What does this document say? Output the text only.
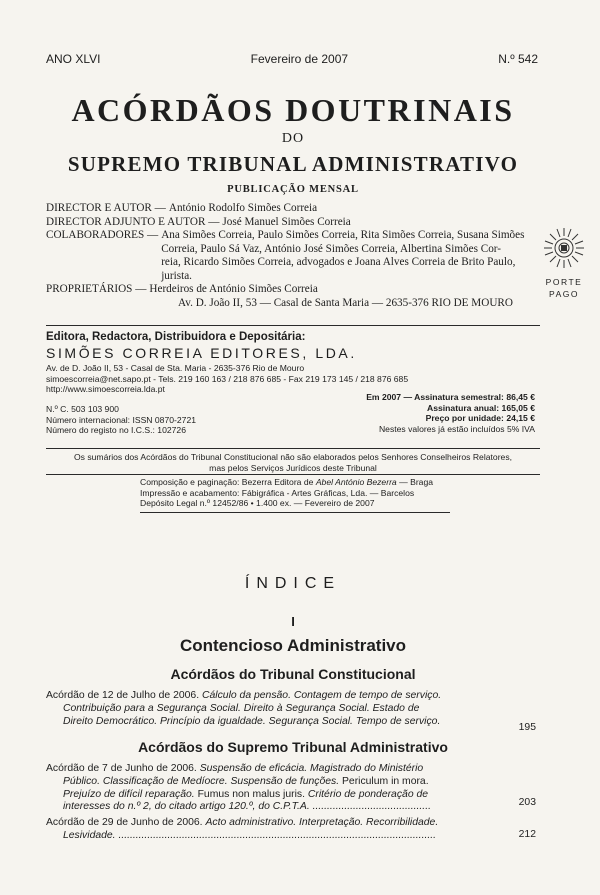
ANO XLVI	Fevereiro de 2007	N.º 542
ACÓRDÃOS DOUTRINAIS
DO
SUPREMO TRIBUNAL ADMINISTRATIVO
PUBLICAÇÃO MENSAL
DIRECTOR E AUTOR — António Rodolfo Simões Correia
DIRECTOR ADJUNTO E AUTOR — José Manuel Simões Correia
COLABORADORES — Ana Simões Correia, Paulo Simões Correia, Rita Simões Correia, Susana Simões
Correia, Paulo Sá Vaz, António José Simões Correia, Albertina Simões Cor-
reia, Ricardo Simões Correia, advogados e Joana Alves Correia de Brito Paulo,
jurista.
PROPRIETÁRIOS — Herdeiros de António Simões Correia
Av. D. João II, 53 — Casal de Santa Maria — 2635-376 RIO DE MOURO
PORTE
PAGO
Editora, Redactora, Distribuidora e Depositária:
SIMÕES CORREIA EDITORES, LDA.
Av. de D. João II, 53 - Casal de Sta. Maria - 2635-376 Rio de Mouro
simoescorreia@net.sapo.pt - Tels. 219 160 163 / 218 876 685 - Fax 219 173 145 / 218 876 685
http://www.simoescorreia.lda.pt
N.º C. 503 103 900
Número internacional: ISSN 0870-2721
Número do registo no I.C.S.: 102726
Em 2007 — Assinatura semestral: 86,45 €
Assinatura anual: 165,05 €
Preço por unidade: 24,15 €
Nestes valores já estão incluídos 5% IVA
Os sumários dos Acórdãos do Tribunal Constitucional não são elaborados pelos Senhores Conselheiros Relatores,
mas pelos Serviços Jurídicos deste Tribunal
Composição e paginação: Bezerra Editora de Abel António Bezerra — Braga
Impressão e acabamento: Fábigráfica - Artes Gráficas, Lda. — Barcelos
Depósito Legal n.º 12452/86 • 1.400 ex. — Fevereiro de 2007
ÍNDICE
I
Contencioso Administrativo
Acórdãos do Tribunal Constitucional
Acórdão de 12 de Julho de 2006. Cálculo da pensão. Contagem de tempo de serviço.
Contribuição para a Segurança Social. Direito à Segurança Social. Estado de
Direito Democrático. Princípio da igualdade. Segurança Social. Tempo de serviço.
195
Acórdãos do Supremo Tribunal Administrativo
Acórdão de 7 de Junho de 2006. Suspensão de eficácia. Magistrado do Ministério
Público. Classificação de Medíocre. Suspensão de funções. Periculum in mora.
Prejuízo de difícil reparação. Fumus non malus juris. Critério de ponderação de
interesses do n.º 2, do citado artigo 120.º, do C.P.T.A. .........................................	203
Acórdão de 29 de Junho de 2006. Acto administrativo. Interpretação. Recorribilidade.
Lesividade. ..............................................................................................................	212
